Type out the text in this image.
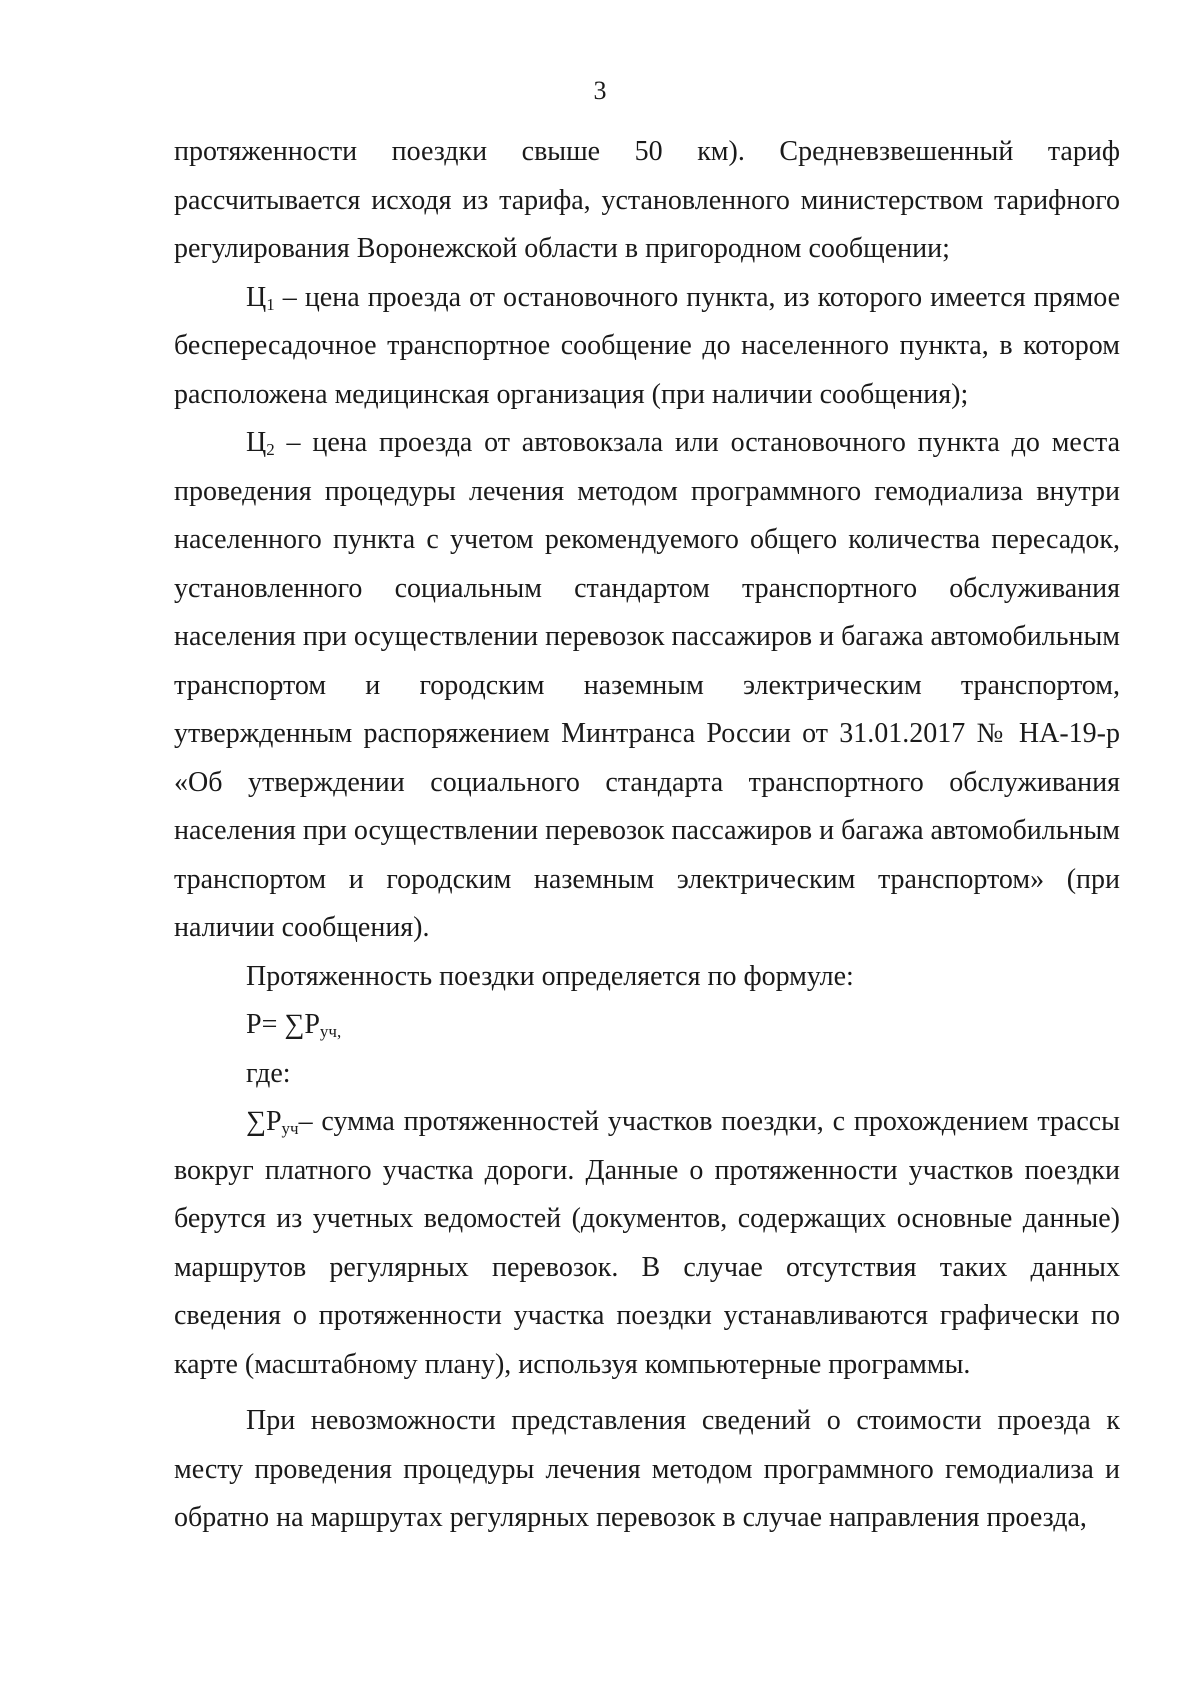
3

протяженности поездки свыше 50 км). Средневзвешенный тариф рассчитывается исходя из тарифа, установленного министерством тарифного регулирования Воронежской области в пригородном сообщении;

$Ц_1$ – цена проезда от остановочного пункта, из которого имеется прямое беспересадочное транспортное сообщение до населенного пункта, в котором расположена медицинская организация (при наличии сообщения);

$Ц_2$ – цена проезда от автовокзала или остановочного пункта до места проведения процедуры лечения методом программного гемодиализа внутри населенного пункта с учетом рекомендуемого общего количества пересадок, установленного социальным стандартом транспортного обслуживания населения при осуществлении перевозок пассажиров и багажа автомобильным транспортом и городским наземным электрическим транспортом, утвержденным распоряжением Минтранса России от 31.01.2017 № НА-19-р «Об утверждении социального стандарта транспортного обслуживания населения при осуществлении перевозок пассажиров и багажа автомобильным транспортом и городским наземным электрическим транспортом» (при наличии сообщения).

Протяженность поездки определяется по формуле:

$P= \sum P_{уч,}$

где:

$\sum P_{уч}-$ сумма протяженностей участков поездки, с прохождением трассы вокруг платного участка дороги. Данные о протяженности участков поездки берутся из учетных ведомостей (документов, содержащих основные данные) маршрутов регулярных перевозок. В случае отсутствия таких данных сведения о протяженности участка поездки устанавливаются графически по карте (масштабному плану), используя компьютерные программы.

При невозможности представления сведений о стоимости проезда к месту проведения процедуры лечения методом программного гемодиализа и обратно на маршрутах регулярных перевозок в случае направления проезда,
